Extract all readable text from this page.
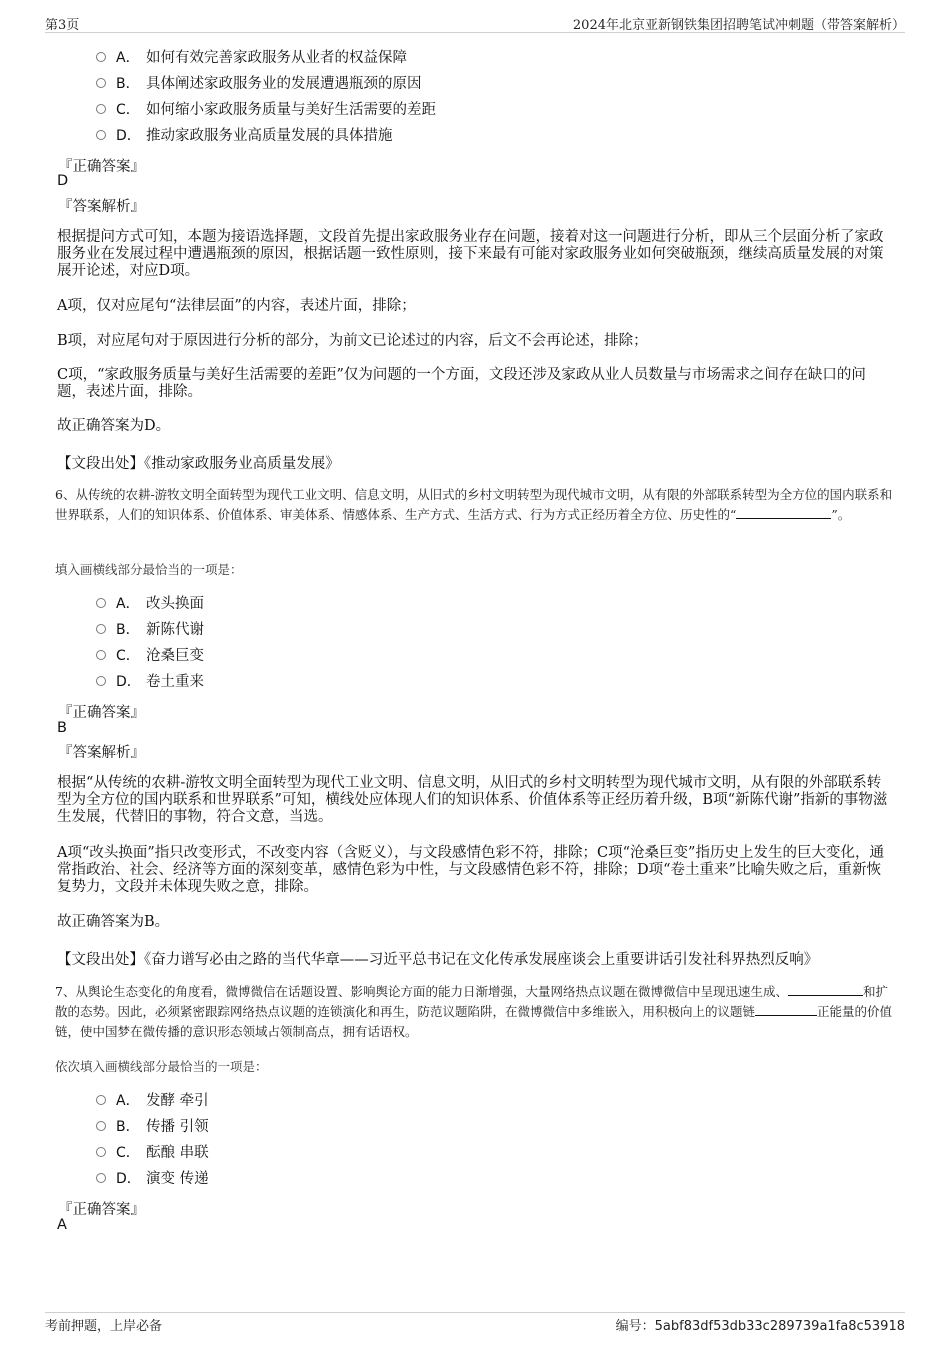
第3页	2024年北京亚新钢铁集团招聘笔试冲刺题（带答案解析）
A． 如何有效完善家政服务从业者的权益保障
B． 具体阐述家政服务业的发展遭遇瓶颈的原因
C． 如何缩小家政服务质量与美好生活需要的差距
D． 推动家政服务业高质量发展的具体措施
『正确答案』
D
『答案解析』
根据提问方式可知，本题为接语选择题，文段首先提出家政服务业存在问题，接着对这一问题进行分析，即从三个层面分析了家政服务业在发展过程中遭遇瓶颈的原因，根据话题一致性原则，接下来最有可能对家政服务业如何突破瓶颈，继续高质量发展的对策展开论述，对应D项。
A项，仅对应尾句“法律层面”的内容，表述片面，排除；
B项，对应尾句对于原因进行分析的部分，为前文已论述过的内容，后文不会再论述，排除；
C项，“家政服务质量与美好生活需要的差距”仅为问题的一个方面，文段还涉及家政从业人员数量与市场需求之间存在缺口的问题，表述片面，排除。
故正确答案为D。
【文段出处】《推动家政服务业高质量发展》
6、从传统的农耕-游牧文明全面转型为现代工业文明、信息文明，从旧式的乡村文明转型为现代城市文明，从有限的外部联系转型为全方位的国内联系和世界联系，人们的知识体系、价值体系、审美体系、情感体系、生产方式、生活方式、行为方式正经历着全方位、历史性的“	”。
填入画横线部分最恰当的一项是：
A． 改头换面
B． 新陈代谢
C． 沧桑巨变
D． 卷土重来
『正确答案』
B
『答案解析』
根据“从传统的农耕-游牧文明全面转型为现代工业文明、信息文明，从旧式的乡村文明转型为现代城市文明，从有限的外部联系转型为全方位的国内联系和世界联系”可知，横线处应体现人们的知识体系、价值体系等正经历着升级，B项“新陈代谢”指新的事物滋生发展，代替旧的事物，符合文意，当选。
A项“改头换面”指只改变形式，不改变内容（含贬义），与文段感情色彩不符，排除；C项“沧桑巨变”指历史上发生的巨大变化，通常指政治、社会、经济等方面的深刻变革，感情色彩为中性，与文段感情色彩不符，排除；D项“卷土重来”比喻失败之后，重新恢复势力，文段并未体现失败之意，排除。
故正确答案为B。
【文段出处】《奋力谱写必由之路的当代华章——习近平总书记在文化传承发展座谈会上重要讲话引发社科界热烈反响》
7、从舆论生态变化的角度看，微博微信在话题设置、影响舆论方面的能力日渐增强，大量网络热点议题在微博微信中呈现迅速生成、	和扩散的态势。因此，必须紧密跟踪网络热点议题的连锁演化和再生，防范议题陷阱，在微博微信中多维嵌入，用积极向上的议题链	正能量的价值链，使中国梦在微传播的意识形态领域占领制高点，拥有话语权。
依次填入画横线部分最恰当的一项是：
A． 发酵 牵引
B． 传播 引领
C． 酝酿 串联
D． 演变 传递
『正确答案』
A
考前押题，上岸必备	编号：5abf83df53db33c289739a1fa8c53918
